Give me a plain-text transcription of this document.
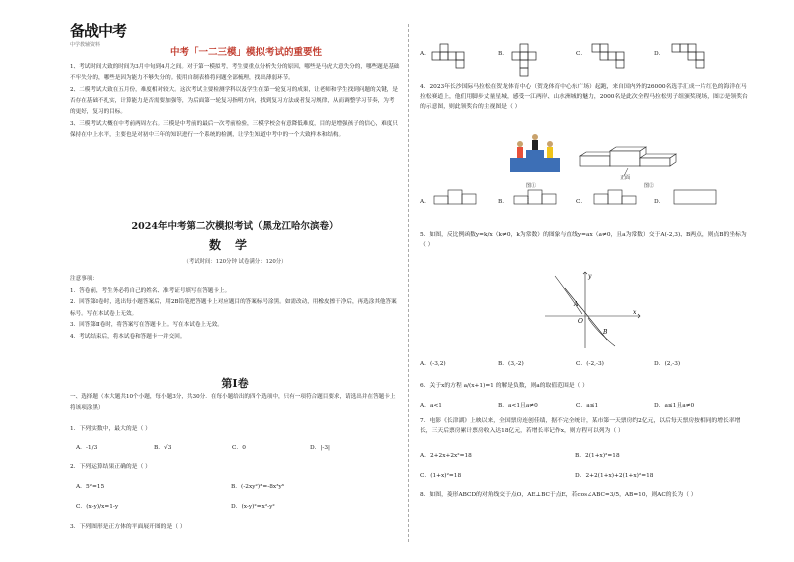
备战中考
中学教辅资料
中考「一二三模」模拟考试的重要性

1、考试时间大致的时间为3月中旬到4月之间。对于第一模拟考，考生要重点分析失分的原因，哪些是马虎大意失分的，哪些题是基础不牢失分的，哪些是因为能力不够失分的。使用自制表格将问题全部梳理，找出薄弱环节。

2、二模考试大致在五月份，难度相对较大。这次考试主要检测学科以及学生在第一轮复习的成果，让老师和学生找到问题的关键，是否存在基础不扎实，计算能力是否需要加强等，为后面第一轮复习指明方向，找到复习方法或者复习规律，从而调整学习节奏，为考的更好，复习的目标。

3、三模考试大概在中考前两周左右。三模是中考前的最后一次考前检验，三模学校会有意降低难度，目的是增强孩子的信心，难度只保持在中上水平，主要也是对初中三年的知识进行一个系统的检测，让学生知道中考中的一个大致样本和结构。

2024年中考第二次模拟考试（黑龙江哈尔滨卷）
数学
（考试时间：120分钟 试卷满分：120分）
注意事项：
1．答卷前，考生务必将自己的姓名、准考证号填写在答题卡上。
2．回答第Ⅰ卷时，选出每小题答案后，用2B铅笔把答题卡上对应题目的答案标号涂黑。如需改动，用橡皮擦干净后，再选涂其他答案标号。写在本试卷上无效。
3．回答第Ⅱ卷时，将答案写在答题卡上。写在本试卷上无效。
4．考试结束后，将本试卷和答题卡一并交回。
第Ⅰ卷
一、选择题（本大题共10个小题，每小题3分，共30分．在每小题给出的四个选项中，只有一项符合题目要求，请选出并在答题卡上将该项涂黑）
1．下列实数中，最大的是（ ）
A．-1/3	B．√3	C．0	D．|-3|
2．下列运算结果正确的是（ ）
A．5²=15	B．(-2xy²)³=-8x³y⁶
C．(x-y)/x=1-y	D．(x-y)²=x²-y²
3．下列图形是正方体的平面展开图的是（ ）
A．	B．	C．	D．
4．2023年长沙国际马拉松在贺龙体育中心（贺龙体育中心东广场）起跑，来自国内外的26000名选手汇成一片红色的海洋在马拉松赛道上，他们用脚步丈量星城，感受一江两岸、山水洲城的魅力，2000名是此次全程马拉松男子组颁奖现场，图②是领奖台的示意图，则此领奖台的主视图是（ ）
图①
正面
图②
A．	B．	C．	D．
5．如图，反比例函数y=k/x（k≠0，k为常数）的图象与直线y=ax（a≠0，且a为常数）交于A(-2,3)、B两点，则点B的坐标为（ ）
A
B
O
x
y
A．(-3,2)	B．(3,-2)	C．(-2,-3)	D．(2,-3)
6．关于x的方程 a/(x+1)=1 的解是负数，则a的取值范围是（ ）
A．a<1	B．a<1且a≠0	C．a≤1	D．a≤1且a≠0
7．电影《长津湖》上映以来，全国票房连创佳绩，据不完全统计，某市第一天票房约2亿元，以后每天票房按相同的增长率增长，三天后票房累计票房收入达18亿元，若增长率记作x，则方程可以列为（ ）
A．2+2x+2x²=18	B．2(1+x)²=18
C．(1+x)²=18	D．2+2(1+x)+2(1+x)²=18
8．如图，菱形ABCD的对角线交于点O，AE⊥BC于点E，若cos∠ABC=3/5，AB=10，则AC的长为（ ）
